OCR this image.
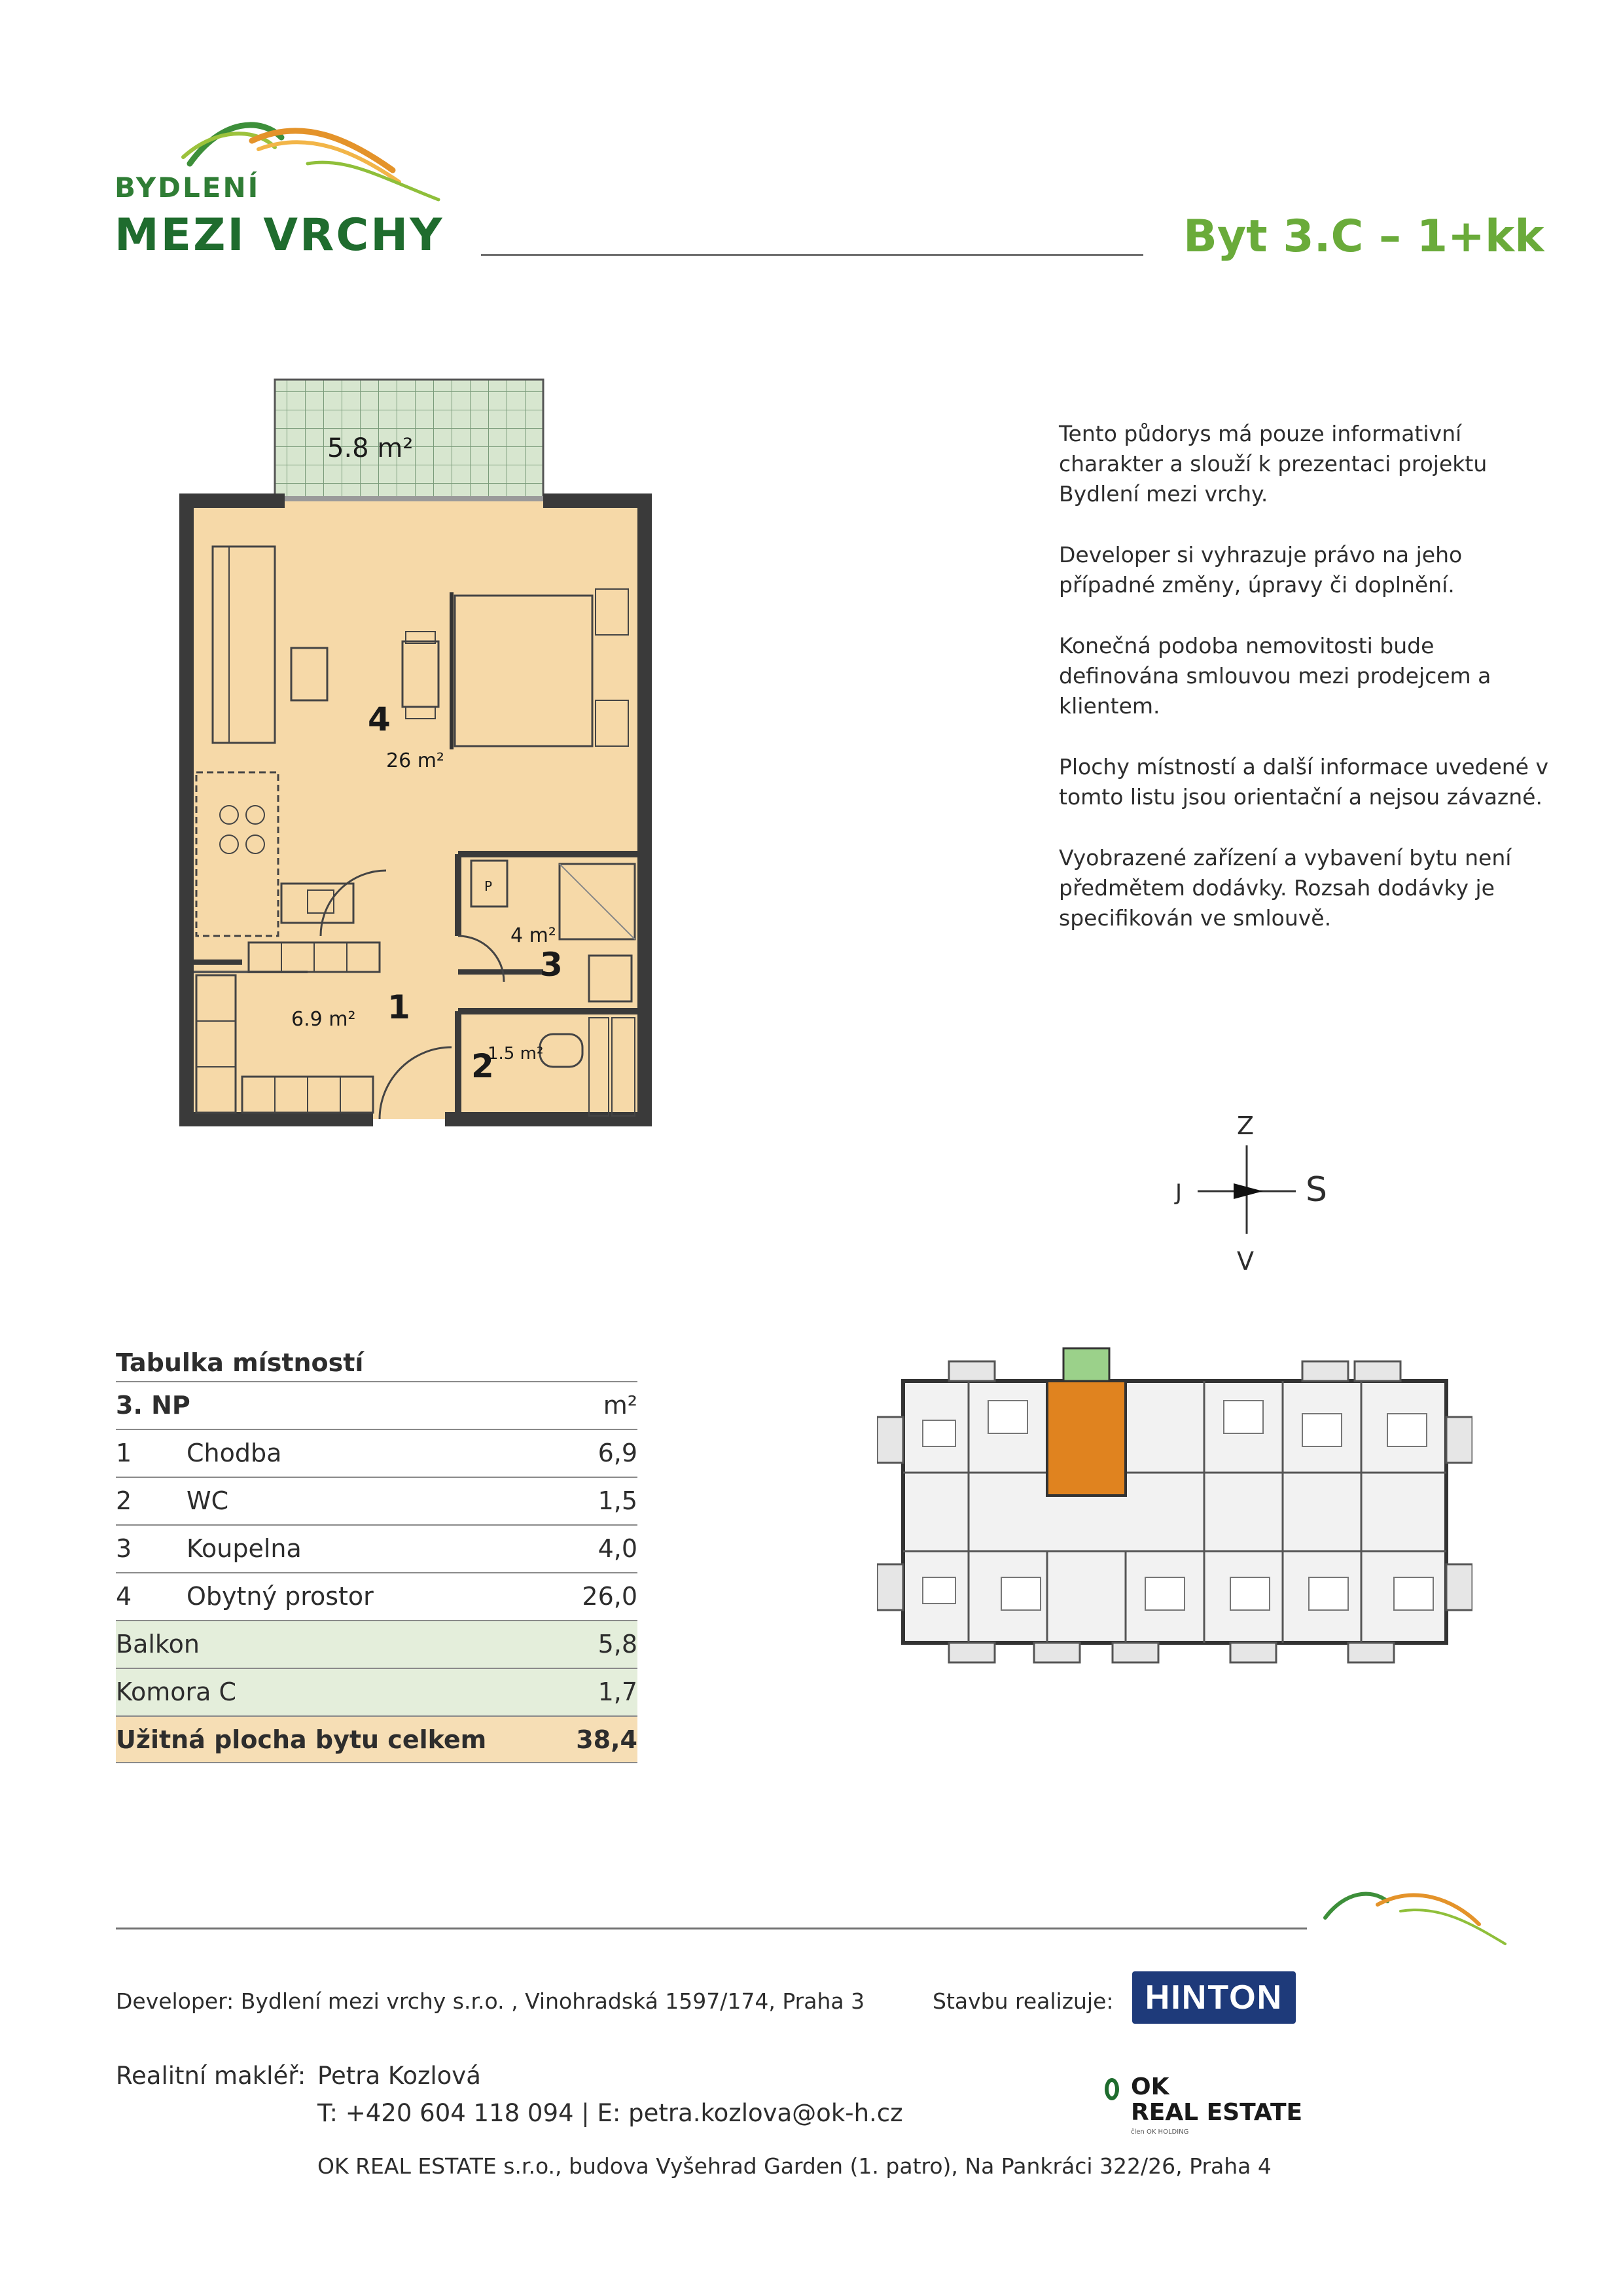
BYDLENÍ
MEZI VRCHY	Byt 3.C – 1+kk

Tento půdorys má pouze informativní charakter a slouží k prezentaci projektu Bydlení mezi vrchy.

Developer si vyhrazuje právo na jeho případné změny, úpravy či doplnění.

Konečná podoba nemovitosti bude definována smlouvou mezi prodejcem a klientem.

Plochy místností a další informace uvedené v tomto listu jsou orientační a nejsou závazné.

Vyobrazené zařízení a vybavení bytu není předmětem dodávky. Rozsah dodávky je specifikován ve smlouvě.

5.8 m²
4
26 m²
4 m²
3
1
6.9 m²
1.5 m²
2
P
Z
V
J	S
Tabulka místností
3. NP	m²
1 Chodba	6,9
2 WC	1,5
3 Koupelna	4,0
4 Obytný prostor	26,0
Balkon	5,8
Komora C	1,7
Užitná plocha bytu celkem	38,4
Developer: Bydlení mezi vrchy s.r.o. , Vinohradská 1597/174, Praha 3	Stavbu realizuje: HINTON
Realitní makléř: Petra Kozlová
T: +420 604 118 094 | E: petra.kozlova@ok-h.cz
OK
REAL ESTATE
člen OK HOLDING
OK REAL ESTATE s.r.o., budova Vyšehrad Garden (1. patro), Na Pankráci 322/26, Praha 4
